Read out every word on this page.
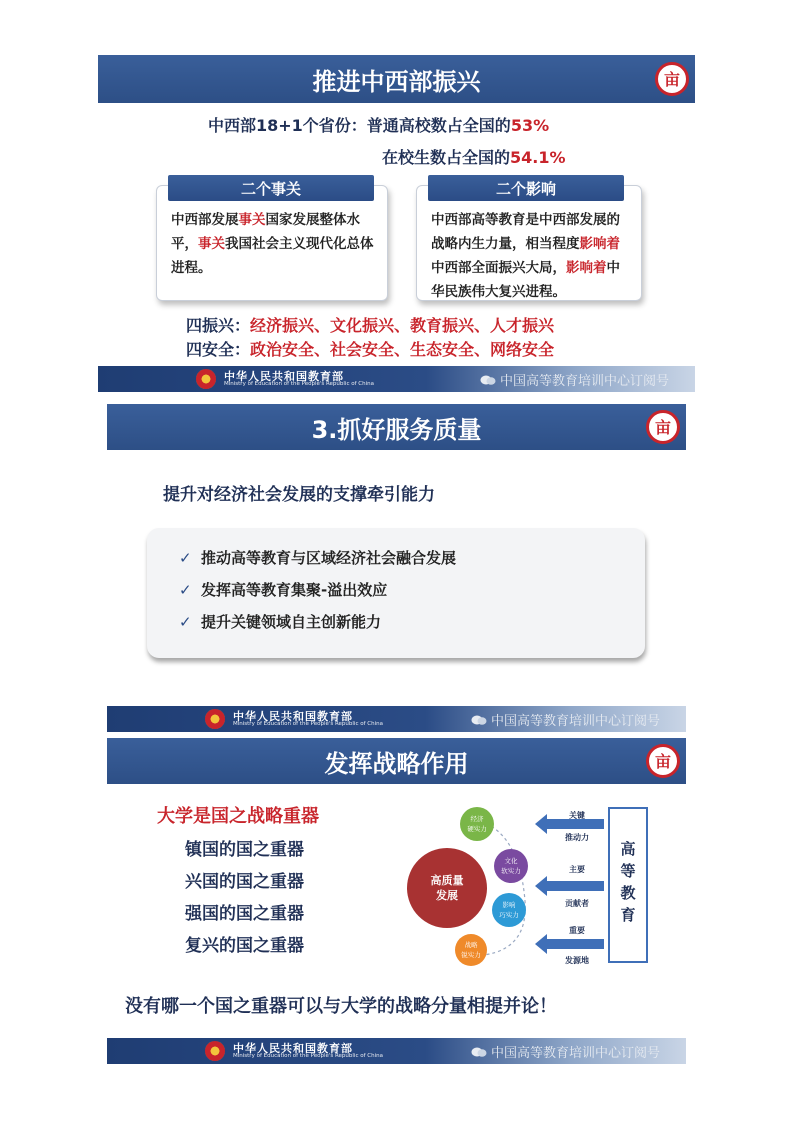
推进中西部振兴	亩
中西部18+1个省份：普通高校数占全国的53%
在校生数占全国的54.1%
中西部发展事关国家发展整体水平，事关我国社会主义现代化总体进程。
二个事关
中西部高等教育是中西部发展的战略内生力量，相当程度影响着中西部全面振兴大局，影响着中华民族伟大复兴进程。
二个影响
四振兴：经济振兴、文化振兴、教育振兴、人才振兴
四安全：政治安全、社会安全、生态安全、网络安全
中华人民共和国教育部
Ministry of Education of the People's Republic of China	中国高等教育培训中心订阅号
3.抓好服务质量	亩
提升对经济社会发展的支撑牵引能力
✓ 推动高等教育与区域经济社会融合发展
✓ 发挥高等教育集聚-溢出效应
✓ 提升关键领域自主创新能力
中华人民共和国教育部
Ministry of Education of the People's Republic of China	中国高等教育培训中心订阅号
发挥战略作用	亩
大学是国之战略重器
镇国的国之重器
兴国的国之重器
强国的国之重器
复兴的国之重器
高质量
发展
经济
硬实力
文化
软实力
影响
巧实力
战略
锐实力
关键
推动力
主要
贡献者
重要
发源地
高
等
教
育
没有哪一个国之重器可以与大学的战略分量相提并论！
中华人民共和国教育部
Ministry of Education of the People's Republic of China	中国高等教育培训中心订阅号
